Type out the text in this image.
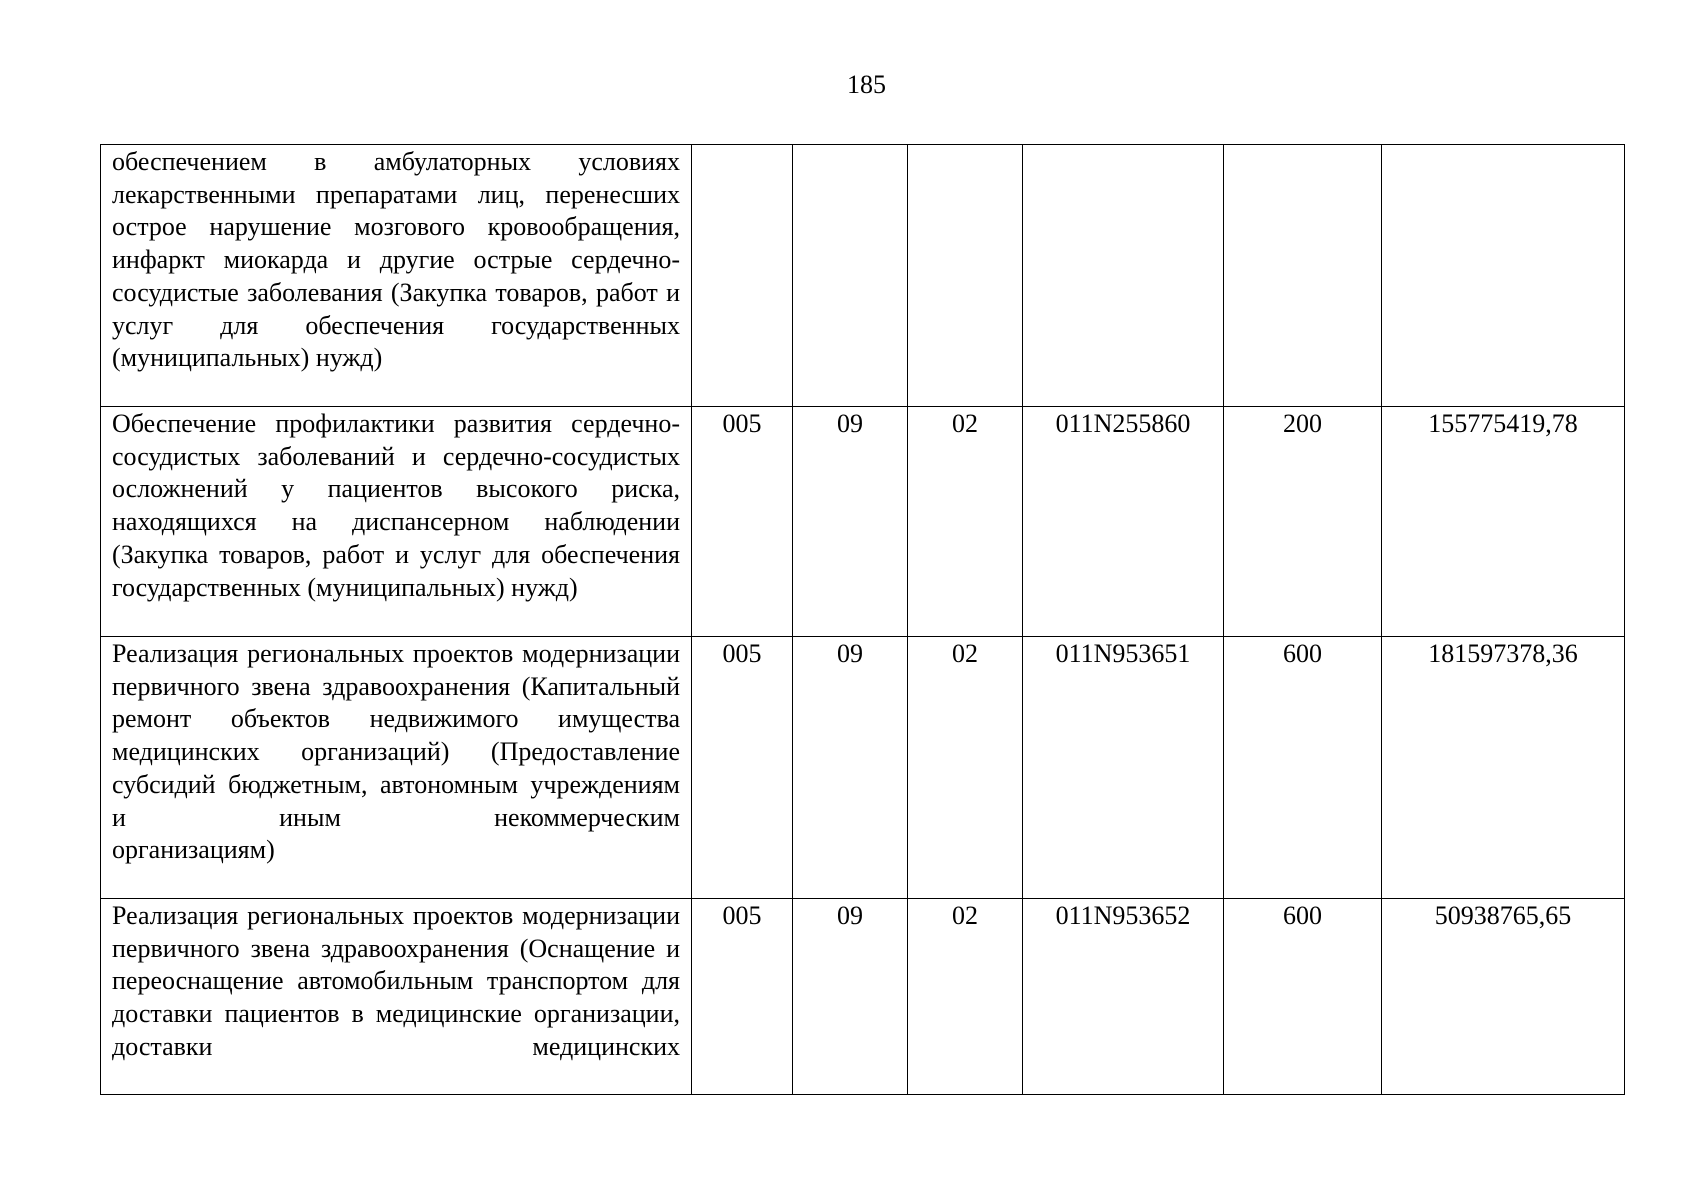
185
обеспечением в амбулаторных условиях лекарственными препаратами лиц, перенесших острое нарушение мозгового кровообращения, инфаркт миокарда и другие острые сердечно-сосудистые заболевания (Закупка товаров, работ и услуг для обеспечения государственных
(муниципальных) нужд)						

Обеспечение профилактики развития сердечно-сосудистых заболеваний и сердечно-сосудистых осложнений у пациентов высокого риска, находящихся на диспансерном наблюдении (Закупка товаров, работ и услуг для обеспечения
государственных (муниципальных) нужд)	005	09	02	011N255860	200	155775419,78

Реализация региональных проектов модернизации первичного звена здравоохранения (Капитальный ремонт объектов недвижимого имущества медицинских организаций) (Предоставление субсидий бюджетным, автономным учреждениям и иным некоммерческим
организациям)	005	09	02	011N953651	600	181597378,36

Реализация региональных проектов модернизации первичного звена здравоохранения (Оснащение и переоснащение автомобильным транспортом для доставки пациентов в медицинские организации, доставки медицинских	005	09	02	011N953652	600	50938765,65
